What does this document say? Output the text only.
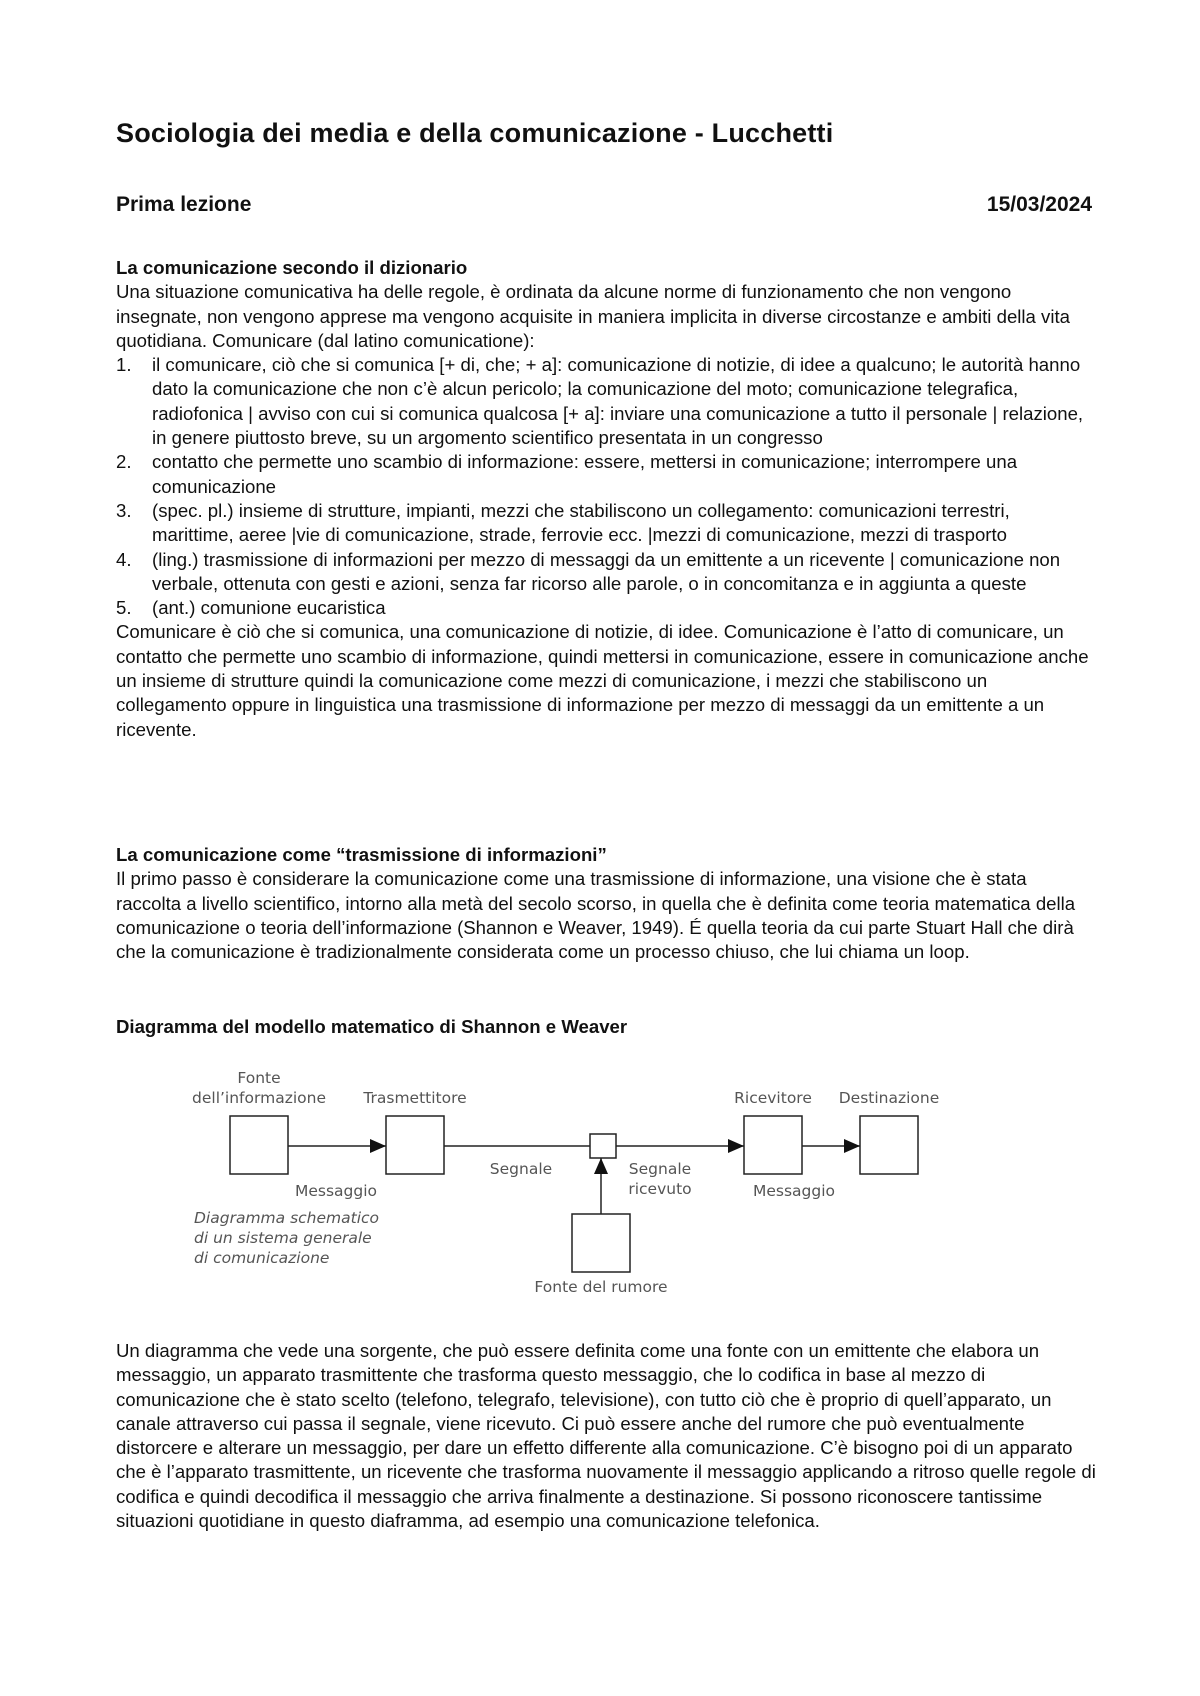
Sociologia dei media e della comunicazione - Lucchetti
Prima lezione	15/03/2024

La comunicazione secondo il dizionario

Una situazione comunicativa ha delle regole, è ordinata da alcune norme di funzionamento che non vengono insegnate, non vengono apprese ma vengono acquisite in maniera implicita in diverse circostanze e ambiti della vita quotidiana. Comunicare (dal latino comunicatione):

1. il comunicare, ciò che si comunica [+ di, che; + a]: comunicazione di notizie, di idee a qualcuno; le autorità hanno dato la comunicazione che non c’è alcun pericolo; la comunicazione del moto; comunicazione telegrafica, radiofonica | avviso con cui si comunica qualcosa [+ a]: inviare una comunicazione a tutto il personale | relazione, in genere piuttosto breve, su un argomento scientifico presentata in un congresso
2. contatto che permette uno scambio di informazione: essere, mettersi in comunicazione; interrompere una comunicazione
3. (spec. pl.) insieme di strutture, impianti, mezzi che stabiliscono un collegamento: comunicazioni terrestri, marittime, aeree |vie di comunicazione, strade, ferrovie ecc. |mezzi di comunicazione, mezzi di trasporto
4. (ling.) trasmissione di informazioni per mezzo di messaggi da un emittente a un ricevente | comunicazione non verbale, ottenuta con gesti e azioni, senza far ricorso alle parole, o in concomitanza e in aggiunta a queste
5. (ant.) comunione eucaristica

Comunicare è ciò che si comunica, una comunicazione di notizie, di idee. Comunicazione è l’atto di comunicare, un contatto che permette uno scambio di informazione, quindi mettersi in comunicazione, essere in comunicazione anche un insieme di strutture quindi la comunicazione come mezzi di comunicazione, i mezzi che stabiliscono un collegamento oppure in linguistica una trasmissione di informazione per mezzo di messaggi da un emittente a un ricevente.

La comunicazione come “trasmissione di informazioni”

Il primo passo è considerare la comunicazione come una trasmissione di informazione, una visione che è stata raccolta a livello scientifico, intorno alla metà del secolo scorso, in quella che è definita come teoria matematica della comunicazione o teoria dell’informazione (Shannon e Weaver, 1949). É quella teoria da cui parte Stuart Hall che dirà che la comunicazione è tradizionalmente considerata come un processo chiuso, che lui chiama un loop.

Diagramma del modello matematico di Shannon e Weaver
Fonte
dell’informazione Trasmettitore	Ricevitore Destinazione
Messaggio
Segnale	Segnale
ricevuto	Messaggio
Fonte del rumore
Diagramma schematico
di un sistema generale
di comunicazione

Un diagramma che vede una sorgente, che può essere definita come una fonte con un emittente che elabora un messaggio, un apparato trasmittente che trasforma questo messaggio, che lo codifica in base al mezzo di comunicazione che è stato scelto (telefono, telegrafo, televisione), con tutto ciò che è proprio di quell’apparato, un canale attraverso cui passa il segnale, viene ricevuto. Ci può essere anche del rumore che può eventualmente distorcere e alterare un messaggio, per dare un effetto differente alla comunicazione. C’è bisogno poi di un apparato che è l’apparato trasmittente, un ricevente che trasforma nuovamente il messaggio applicando a ritroso quelle regole di codifica e quindi decodifica il messaggio che arriva finalmente a destinazione. Si possono riconoscere tantissime situazioni quotidiane in questo diaframma, ad esempio una comunicazione telefonica.
